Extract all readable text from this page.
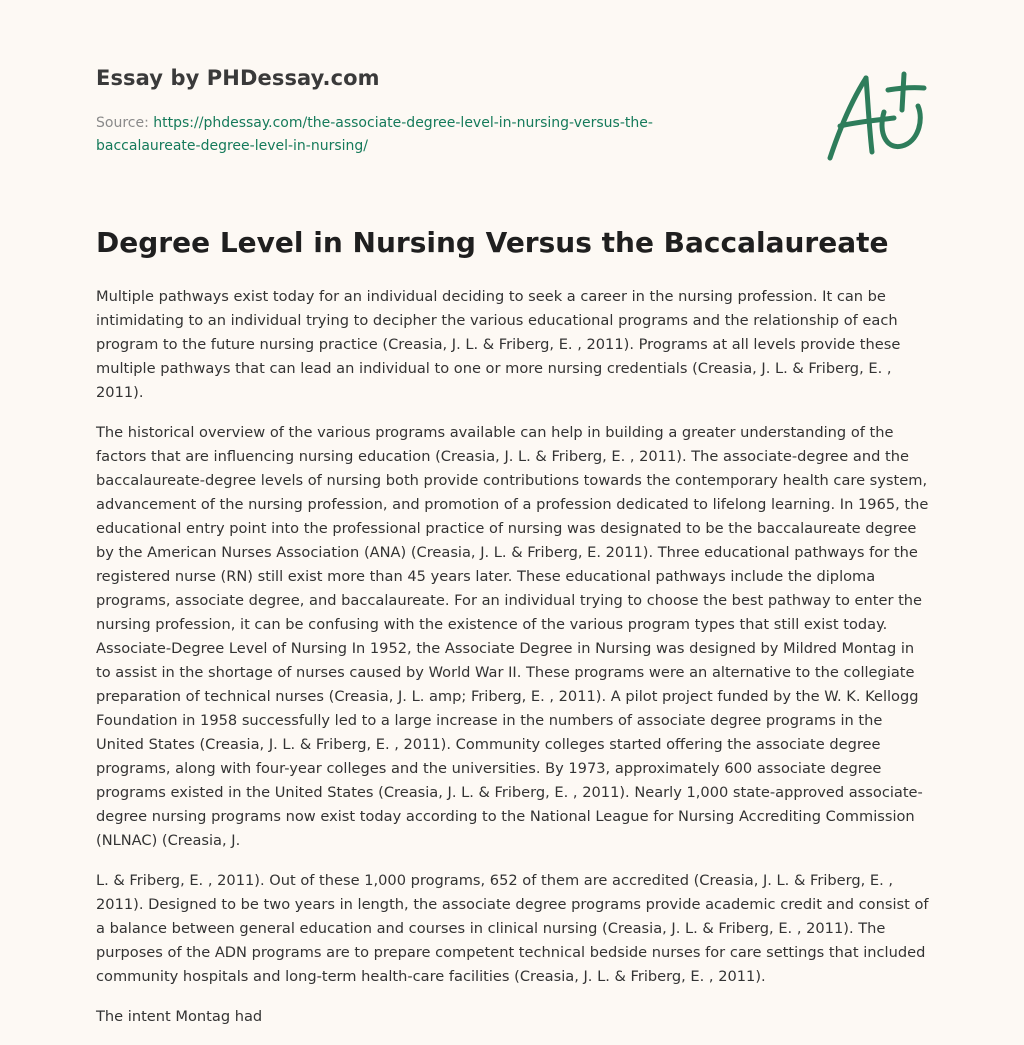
Essay by PHDessay.com
Source: https://phdessay.com/the-associate-degree-level-in-nursing-versus-the-baccalaureate-degree-level-in-nursing/
Degree Level in Nursing Versus the Baccalaureate

Multiple pathways exist today for an individual deciding to seek a career in the nursing profession. It can be intimidating to an individual trying to decipher the various educational programs and the relationship of each program to the future nursing practice (Creasia, J. L. & Friberg, E. , 2011). Programs at all levels provide these multiple pathways that can lead an individual to one or more nursing credentials (Creasia, J. L. & Friberg, E. , 2011).

The historical overview of the various programs available can help in building a greater understanding of the factors that are influencing nursing education (Creasia, J. L. & Friberg, E. , 2011). The associate-degree and the baccalaureate-degree levels of nursing both provide contributions towards the contemporary health care system, advancement of the nursing profession, and promotion of a profession dedicated to lifelong learning. In 1965, the educational entry point into the professional practice of nursing was designated to be the baccalaureate degree by the American Nurses Association (ANA) (Creasia, J. L. & Friberg, E. 2011). Three educational pathways for the registered nurse (RN) still exist more than 45 years later. These educational pathways include the diploma programs, associate degree, and baccalaureate. For an individual trying to choose the best pathway to enter the nursing profession, it can be confusing with the existence of the various program types that still exist today. Associate-Degree Level of Nursing In 1952, the Associate Degree in Nursing was designed by Mildred Montag in to assist in the shortage of nurses caused by World War II. These programs were an alternative to the collegiate preparation of technical nurses (Creasia, J. L. amp; Friberg, E. , 2011). A pilot project funded by the W. K. Kellogg Foundation in 1958 successfully led to a large increase in the numbers of associate degree programs in the United States (Creasia, J. L. & Friberg, E. , 2011). Community colleges started offering the associate degree programs, along with four-year colleges and the universities. By 1973, approximately 600 associate degree programs existed in the United States (Creasia, J. L. & Friberg, E. , 2011). Nearly 1,000 state-approved associate-degree nursing programs now exist today according to the National League for Nursing Accrediting Commission (NLNAC) (Creasia, J.

L. & Friberg, E. , 2011). Out of these 1,000 programs, 652 of them are accredited (Creasia, J. L. & Friberg, E. , 2011). Designed to be two years in length, the associate degree programs provide academic credit and consist of a balance between general education and courses in clinical nursing (Creasia, J. L. & Friberg, E. , 2011). The purposes of the ADN programs are to prepare competent technical bedside nurses for care settings that included community hospitals and long-term health-care facilities (Creasia, J. L. & Friberg, E. , 2011).

The intent Montag had
